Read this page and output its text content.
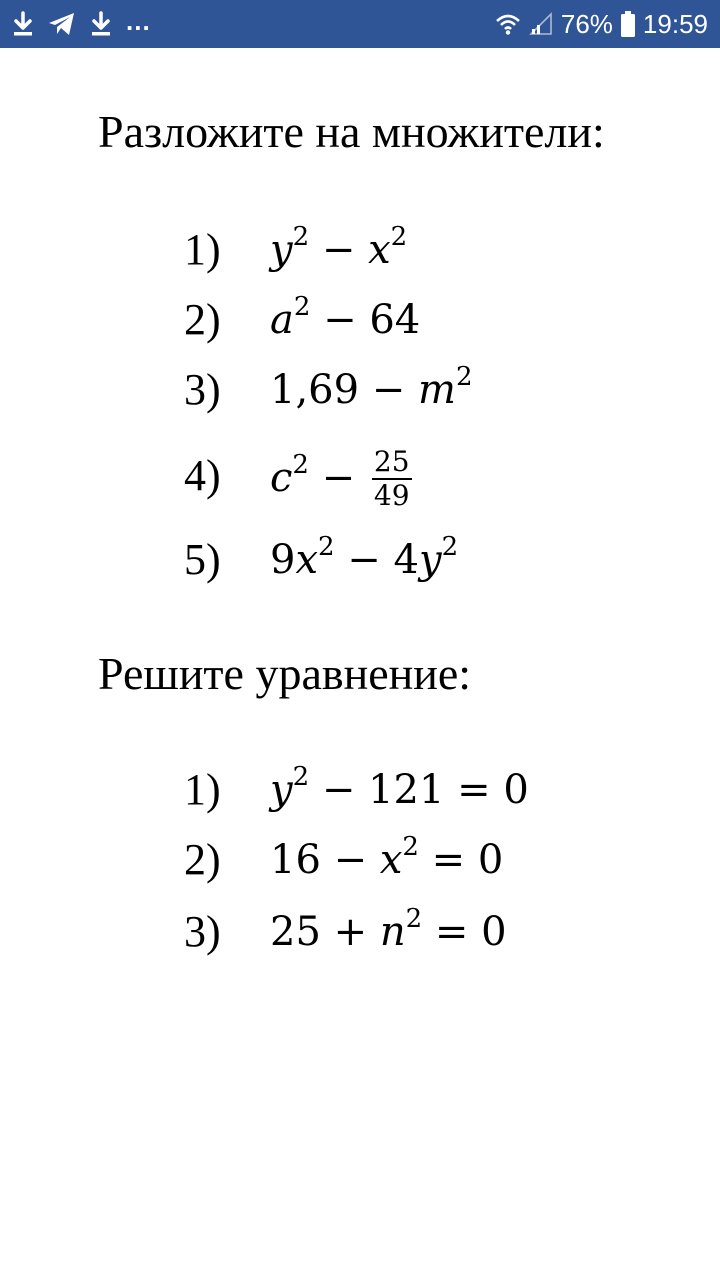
...	76% 19:59
Разложите на множители:
1) $y^2 - x^2$
2) $a^2 - 64$
3) $1,69 - m^2$
4) $c^2 - \frac{25}{49}$
5) $9x^2 - 4y^2$
Решите уравнение:
1) $y^2 - 121 = 0$
2) $16 - x^2 = 0$
3) $25 + n^2 = 0$
